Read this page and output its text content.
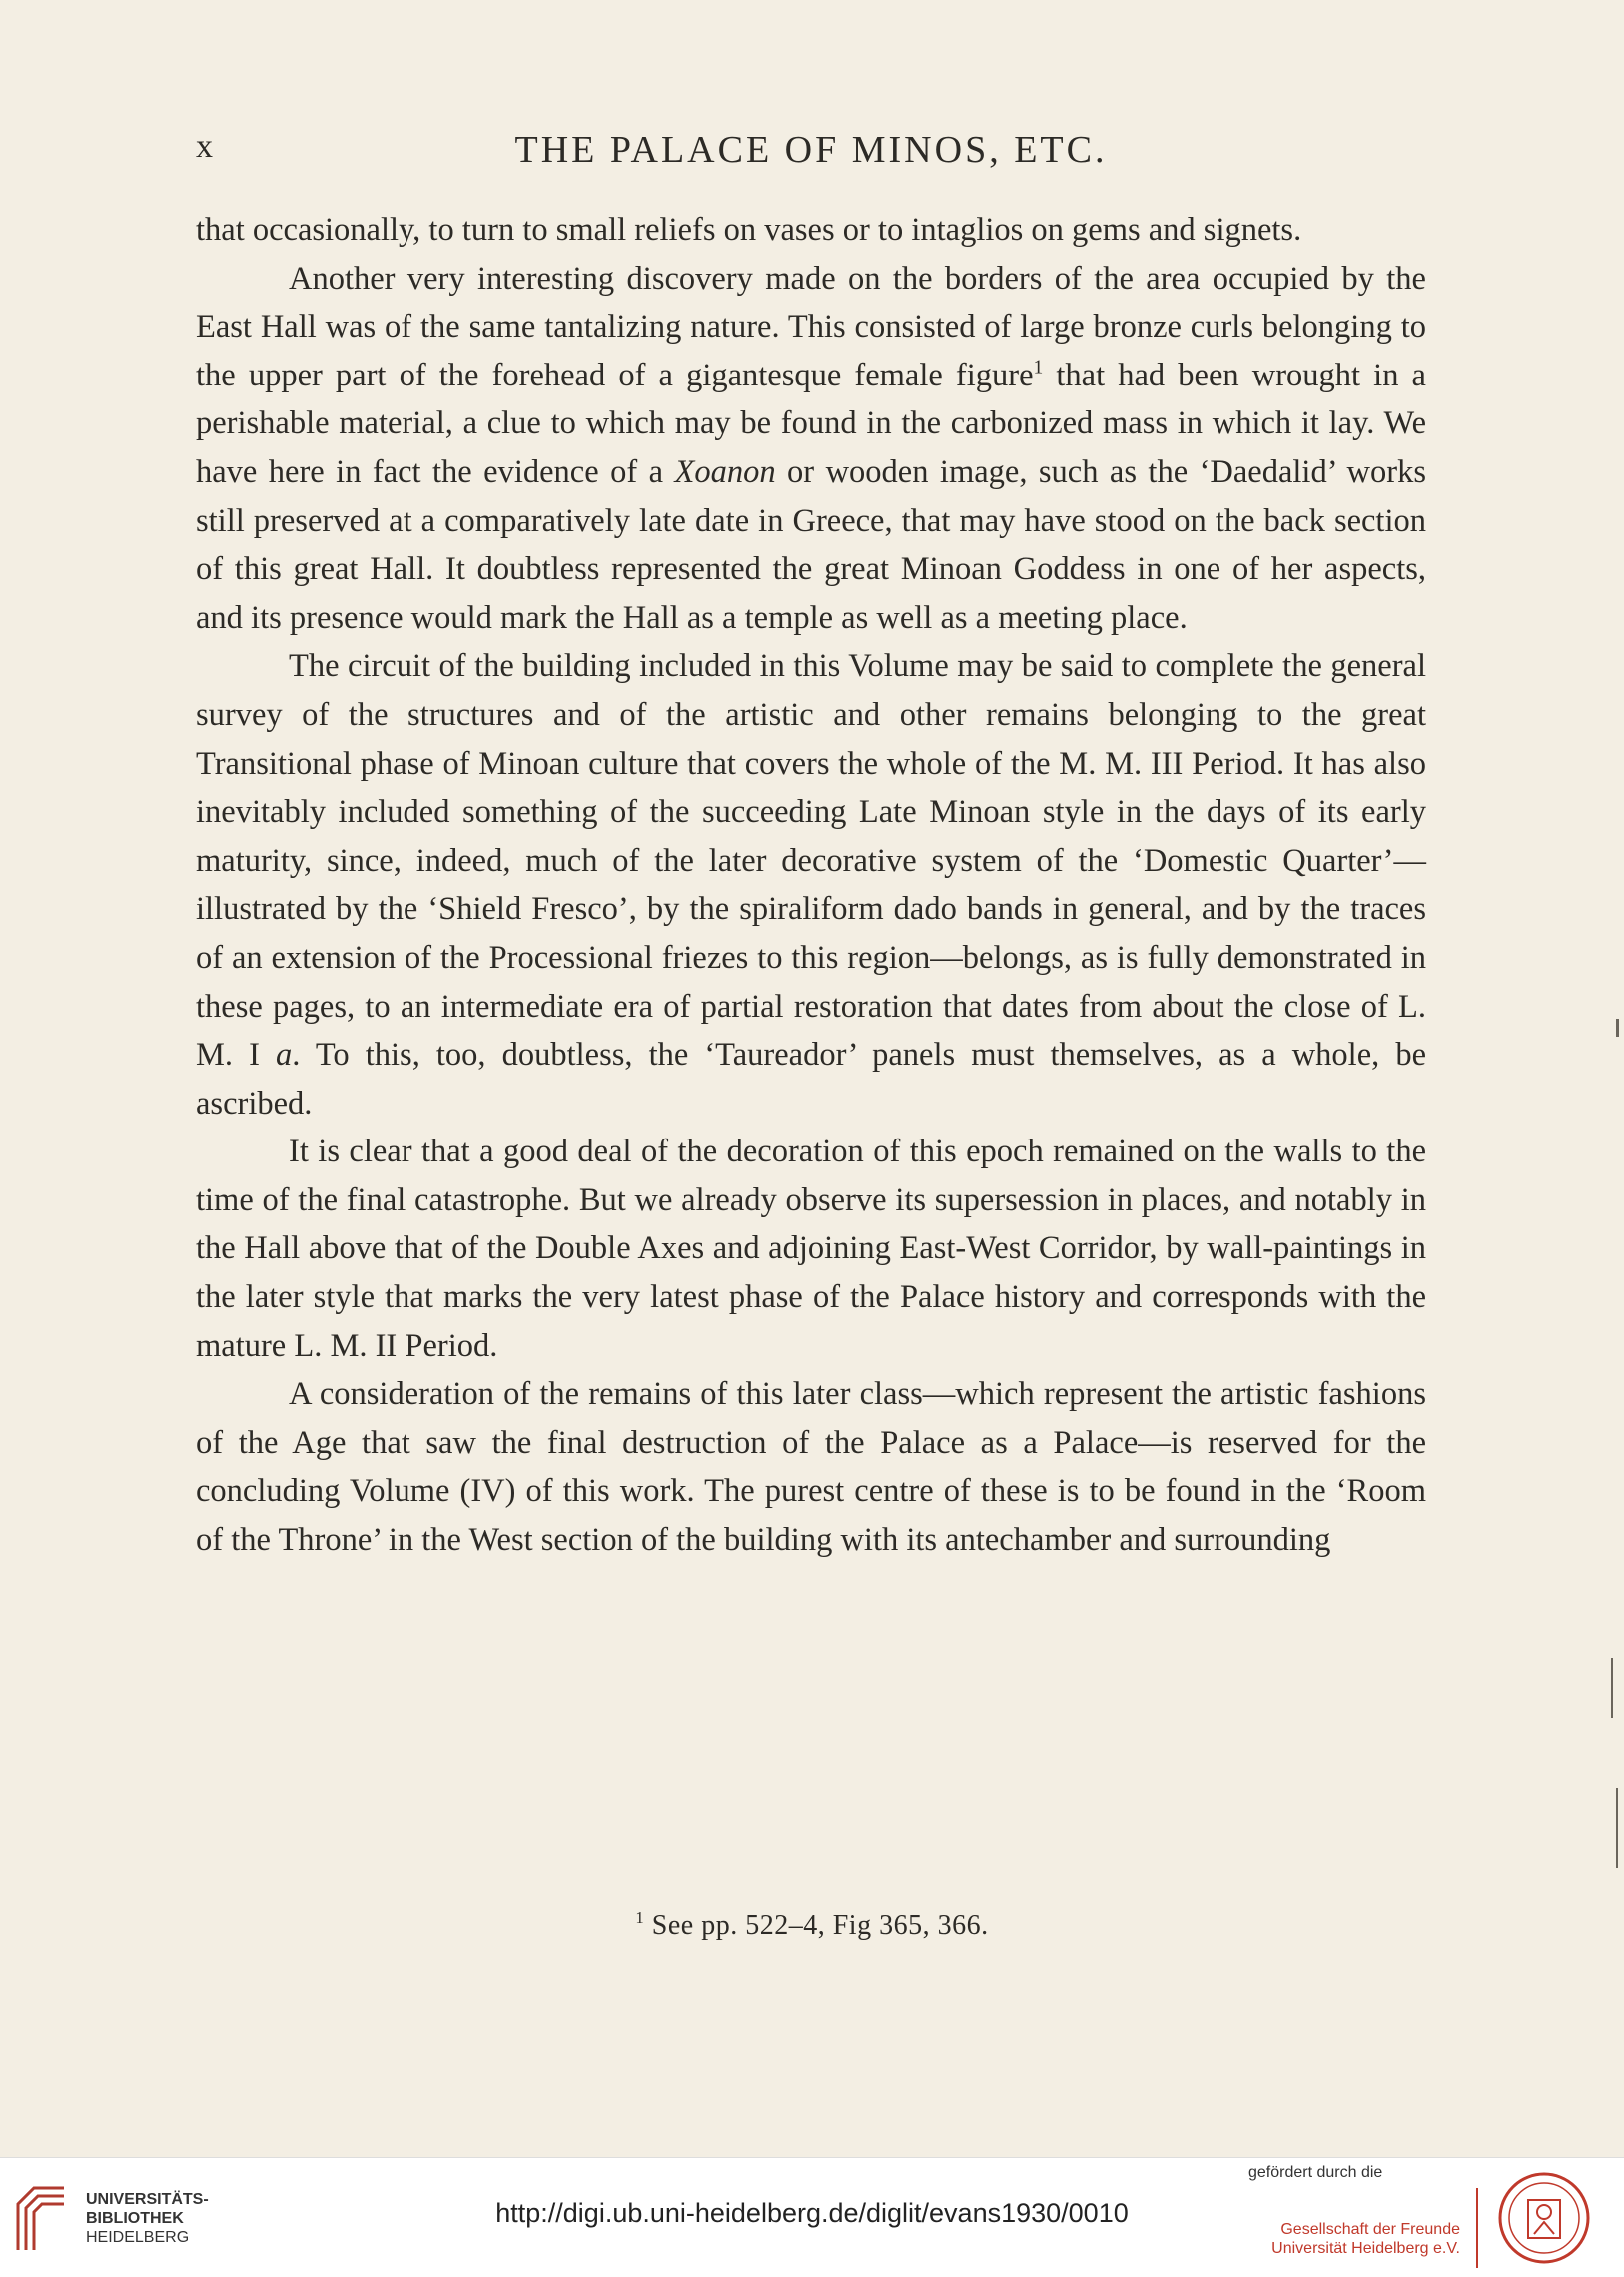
x	THE PALACE OF MINOS, ETC.

that occasionally, to turn to small reliefs on vases or to intaglios on gems and signets.

Another very interesting discovery made on the borders of the area occupied by the East Hall was of the same tantalizing nature. This consisted of large bronze curls belonging to the upper part of the forehead of a gigantesque female figure$^1$ that had been wrought in a perishable material, a clue to which may be found in the carbonized mass in which it lay. We have here in fact the evidence of a Xoanon or wooden image, such as the ‘Daedalid’ works still preserved at a comparatively late date in Greece, that may have stood on the back section of this great Hall. It doubtless represented the great Minoan Goddess in one of her aspects, and its presence would mark the Hall as a temple as well as a meeting place.

The circuit of the building included in this Volume may be said to complete the general survey of the structures and of the artistic and other remains belonging to the great Transitional phase of Minoan culture that covers the whole of the M. M. III Period. It has also inevitably included something of the succeeding Late Minoan style in the days of its early maturity, since, indeed, much of the later decorative system of the ‘Domestic Quarter’—illustrated by the ‘Shield Fresco’, by the spiraliform dado bands in general, and by the traces of an extension of the Processional friezes to this region—belongs, as is fully demonstrated in these pages, to an intermediate era of partial restoration that dates from about the close of L. M. I a. To this, too, doubtless, the ‘Taureador’ panels must themselves, as a whole, be ascribed.

It is clear that a good deal of the decoration of this epoch remained on the walls to the time of the final catastrophe. But we already observe its supersession in places, and notably in the Hall above that of the Double Axes and adjoining East-West Corridor, by wall-paintings in the later style that marks the very latest phase of the Palace history and corresponds with the mature L. M. II Period.

A consideration of the remains of this later class—which represent the artistic fashions of the Age that saw the final destruction of the Palace as a Palace—is reserved for the concluding Volume (IV) of this work. The purest centre of these is to be found in the ‘Room of the Throne’ in the West section of the building with its antechamber and surrounding

$^1$ See pp. 522–4, Fig 365, 366.
UNIVERSITÄTS-
BIBLIOTHEK
HEIDELBERG
http://digi.ub.uni-heidelberg.de/diglit/evans1930/0010
gefördert durch die
Gesellschaft der Freunde
Universität Heidelberg e.V.
